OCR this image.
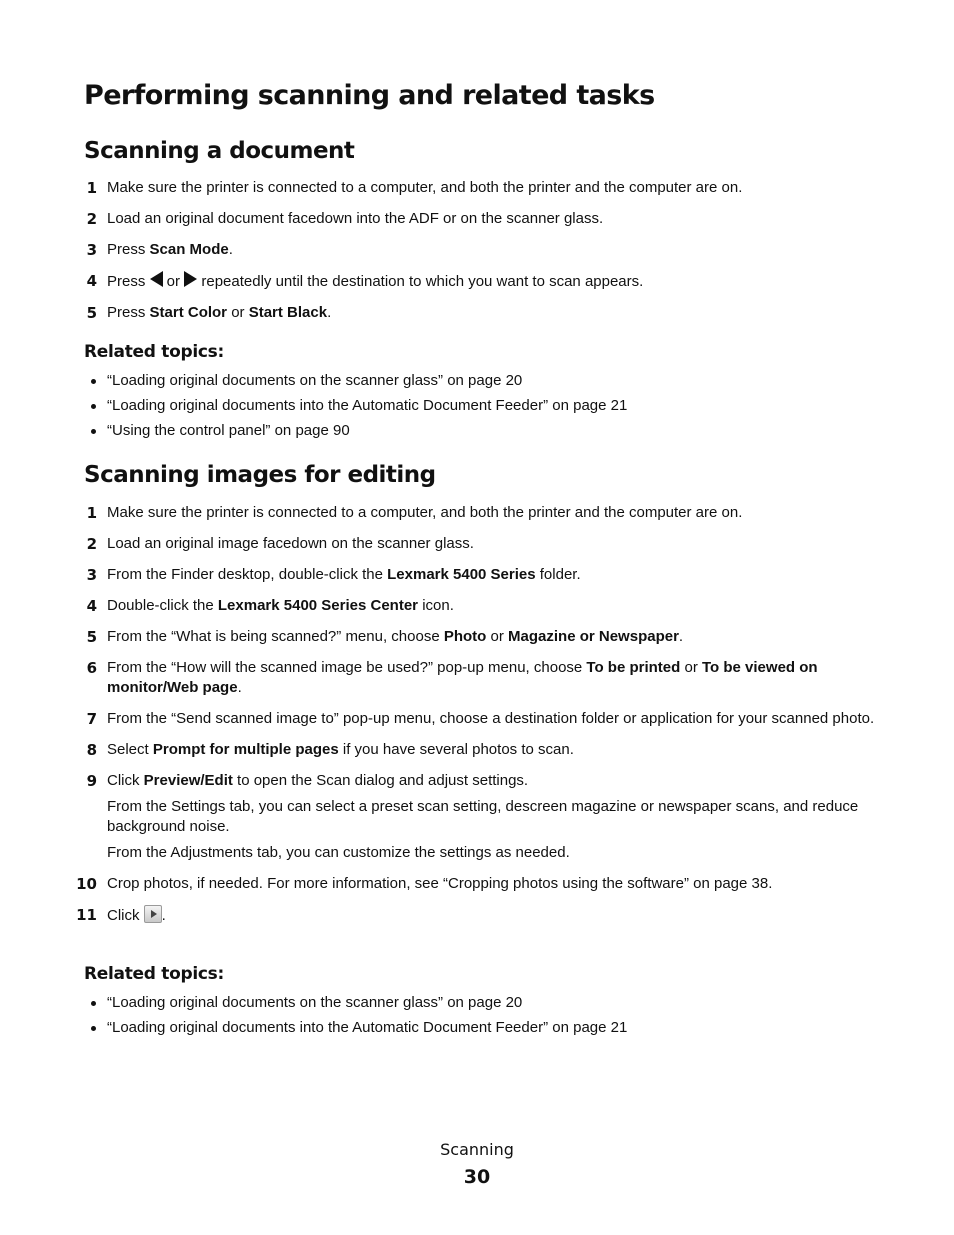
Performing scanning and related tasks
Scanning a document
1 Make sure the printer is connected to a computer, and both the printer and the computer are on.
2 Load an original document facedown into the ADF or on the scanner glass.
3 Press Scan Mode.
4 Press  or  repeatedly until the destination to which you want to scan appears.
5 Press Start Color or Start Black.
Related topics:
“Loading original documents on the scanner glass” on page 20
“Loading original documents into the Automatic Document Feeder” on page 21
“Using the control panel” on page 90
Scanning images for editing
1 Make sure the printer is connected to a computer, and both the printer and the computer are on.
2 Load an original image facedown on the scanner glass.
3 From the Finder desktop, double-click the Lexmark 5400 Series folder.
4 Double-click the Lexmark 5400 Series Center icon.
5 From the “What is being scanned?” menu, choose Photo or Magazine or Newspaper.
6 From the “How will the scanned image be used?” pop-up menu, choose To be printed or To be viewed on monitor/Web page.
7 From the “Send scanned image to” pop-up menu, choose a destination folder or application for your scanned photo.
8 Select Prompt for multiple pages if you have several photos to scan.
9 Click Preview/Edit to open the Scan dialog and adjust settings.
From the Settings tab, you can select a preset scan setting, descreen magazine or newspaper scans, and reduce background noise.
From the Adjustments tab, you can customize the settings as needed.
10 Crop photos, if needed. For more information, see “Cropping photos using the software” on page 38.
11 Click .
Related topics:
“Loading original documents on the scanner glass” on page 20
“Loading original documents into the Automatic Document Feeder” on page 21
Scanning
30
